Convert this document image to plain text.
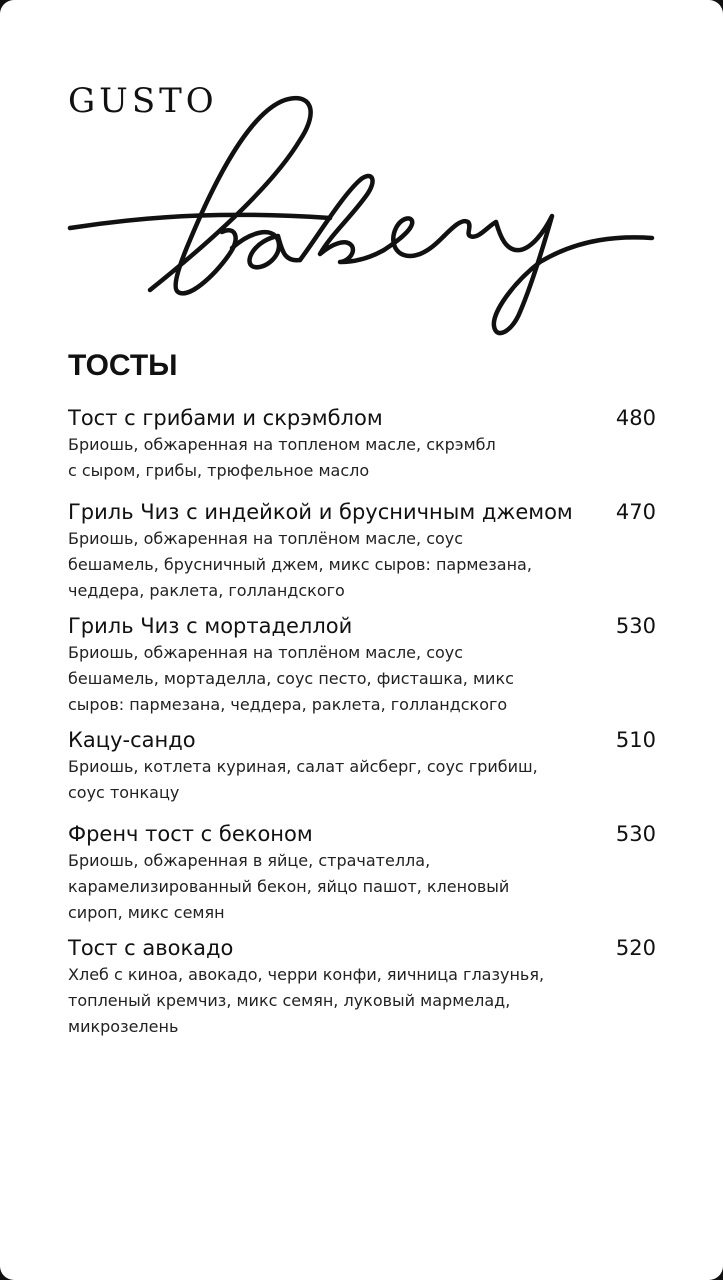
GUSTO
ТОСТЫ
Тост с грибами и скрэмблом	480
Бриошь, обжаренная на топленом масле, скрэмбл
с сыром, грибы, трюфельное масло
Гриль Чиз с индейкой и брусничным джемом 470
Бриошь, обжаренная на топлёном масле, соус
бешамель, брусничный джем, микс сыров: пармезана,
чеддера, раклета, голландского
Гриль Чиз с мортаделлой	530
Бриошь, обжаренная на топлёном масле, соус
бешамель, мортаделла, соус песто, фисташка, микс
сыров: пармезана, чеддера, раклета, голландского
Кацу-сандо	510
Бриошь, котлета куриная, салат айсберг, соус грибиш,
соус тонкацу
Френч тост с беконом	530
Бриошь, обжаренная в яйце, страчателла,
карамелизированный бекон, яйцо пашот, кленовый
сироп, микс семян
Тост с авокадо	520
Хлеб с киноа, авокадо, черри конфи, яичница глазунья,
топленый кремчиз, микс семян, луковый мармелад,
микрозелень
